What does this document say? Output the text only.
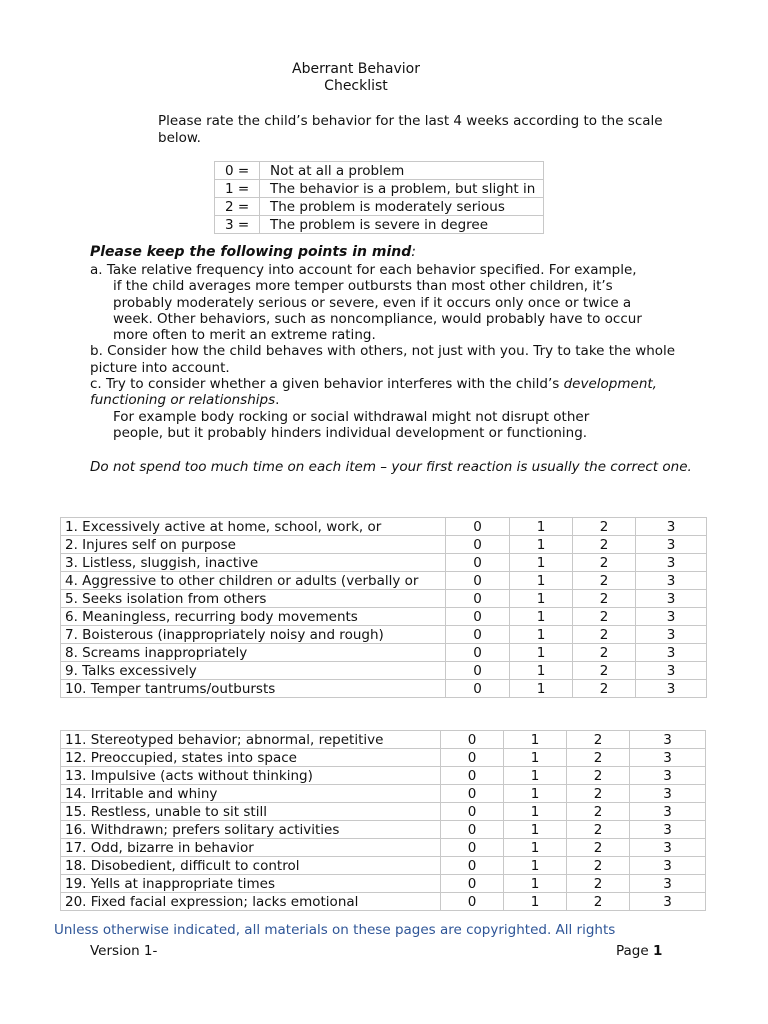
Aberrant Behavior
Checklist
Please rate the child’s behavior for the last 4 weeks according to the scale below.
0 =	Not at all a problem
1 =	The behavior is a problem, but slight in
2 =	The problem is moderately serious
3 =	The problem is severe in degree

Please keep the following points in mind:

a. Take relative frequency into account for each behavior specified. For example,

if the child averages more temper outbursts than most other children, it’s

probably moderately serious or severe, even if it occurs only once or twice a

week. Other behaviors, such as noncompliance, would probably have to occur

more often to merit an extreme rating.

b. Consider how the child behaves with others, not just with you. Try to take the whole picture into account.

c. Try to consider whether a given behavior interferes with the child’s development, functioning or relationships.

For example body rocking or social withdrawal might not disrupt other

people, but it probably hinders individual development or functioning.

Do not spend too much time on each item – your first reaction is usually the correct one.

1. Excessively active at home, school, work, or	0	1	2	3
2. Injures self on purpose	0	1	2	3
3. Listless, sluggish, inactive	0	1	2	3
4. Aggressive to other children or adults (verbally or	0	1	2	3
5. Seeks isolation from others	0	1	2	3
6. Meaningless, recurring body movements	0	1	2	3
7. Boisterous (inappropriately noisy and rough)	0	1	2	3
8. Screams inappropriately	0	1	2	3
9. Talks excessively	0	1	2	3
10. Temper tantrums/outbursts	0	1	2	3
11. Stereotyped behavior; abnormal, repetitive	0	1	2	3
12. Preoccupied, states into space	0	1	2	3
13. Impulsive (acts without thinking)	0	1	2	3
14. Irritable and whiny	0	1	2	3
15. Restless, unable to sit still	0	1	2	3
16. Withdrawn; prefers solitary activities	0	1	2	3
17. Odd, bizarre in behavior	0	1	2	3
18. Disobedient, difficult to control	0	1	2	3
19. Yells at inappropriate times	0	1	2	3
20. Fixed facial expression; lacks emotional	0	1	2	3
Unless otherwise indicated, all materials on these pages are copyrighted. All rights
Version 1-	Page 1
